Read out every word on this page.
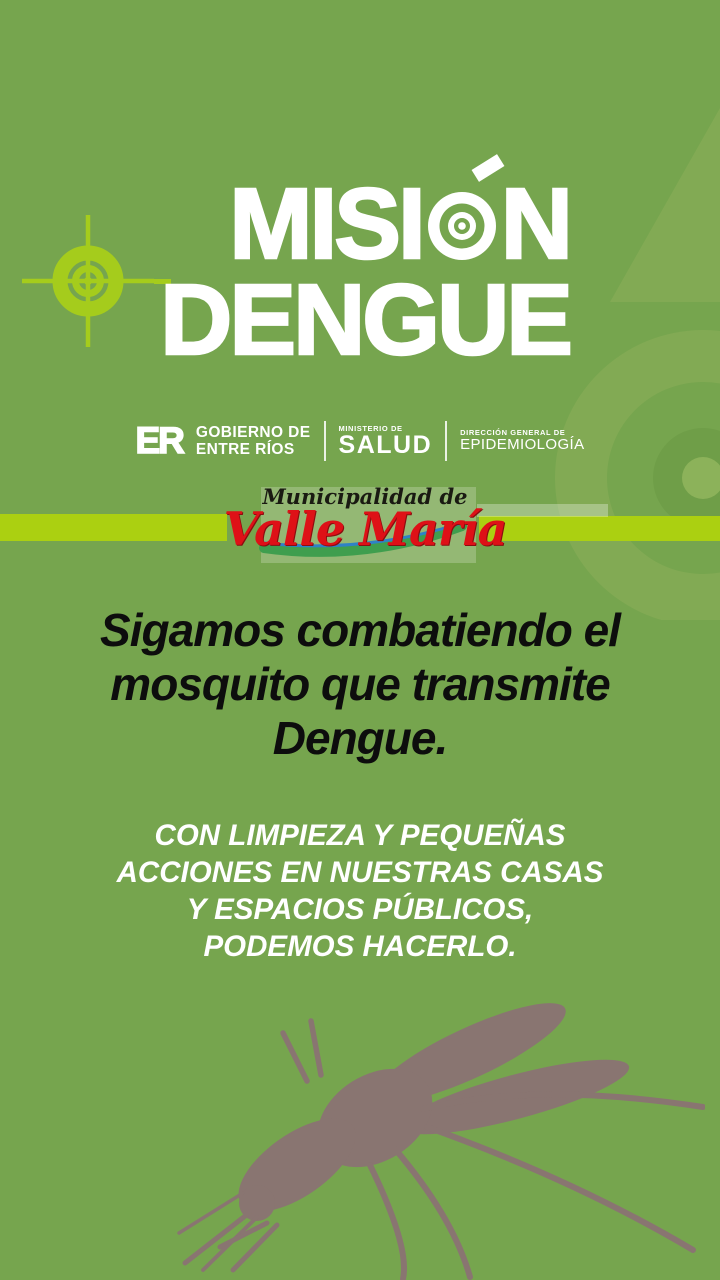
MISI N
DENGUE
ER GOBIERNO DE
ENTRE RÍOS
MINISTERIO DE
SALUD	DIRECCIÓN GENERAL DE
EPIDEMIOLOGÍA
Municipalidad de
Valle María
Sigamos combatiendo el
mosquito que transmite
Dengue.
CON LIMPIEZA Y PEQUEÑAS
ACCIONES EN NUESTRAS CASAS
Y ESPACIOS PÚBLICOS,
PODEMOS HACERLO.
